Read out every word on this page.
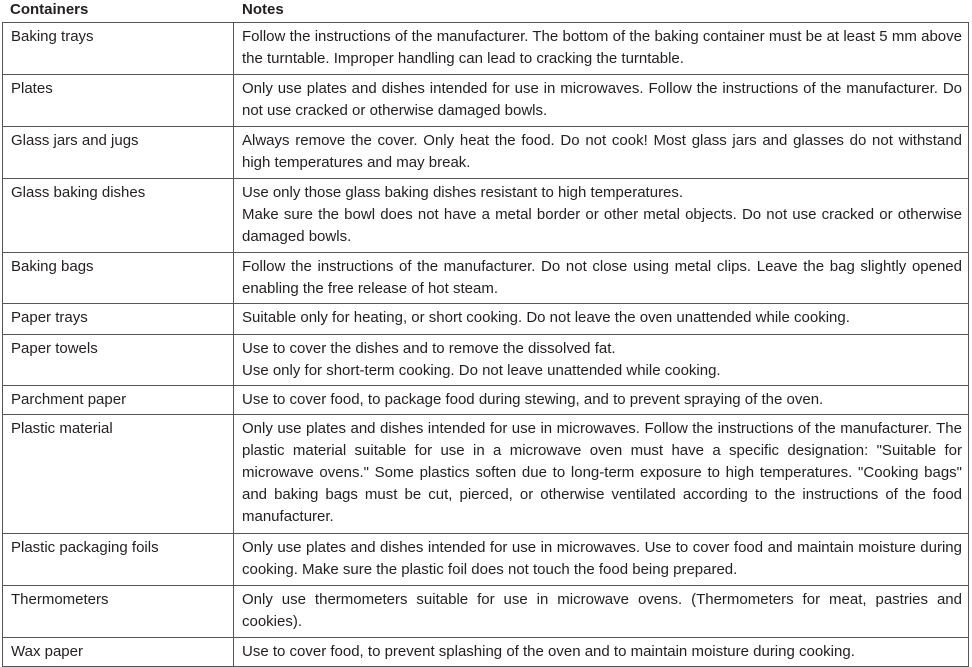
Containers	Notes
Baking trays	Follow the instructions of the manufacturer. The bottom of the baking container must be at least 5 mm above the turntable. Improper handling can lead to cracking the turntable.

Plates	Only use plates and dishes intended for use in microwaves. Follow the instructions of the manufacturer. Do not use cracked or otherwise damaged bowls.

Glass jars and jugs	Always remove the cover. Only heat the food. Do not cook! Most glass jars and glasses do not withstand high temperatures and may break.

Glass baking dishes	Use only those glass baking dishes resistant to high temperatures.
Make sure the bowl does not have a metal border or other metal objects. Do not use cracked or otherwise damaged bowls.

Baking bags	Follow the instructions of the manufacturer. Do not close using metal clips. Leave the bag slightly opened enabling the free release of hot steam.

Paper trays	Suitable only for heating, or short cooking. Do not leave the oven unattended while cooking.

Paper towels	Use to cover the dishes and to remove the dissolved fat.
Use only for short-term cooking. Do not leave unattended while cooking.

Parchment paper	Use to cover food, to package food during stewing, and to prevent spraying of the oven.

Plastic material	Only use plates and dishes intended for use in microwaves. Follow the instructions of the manufacturer. The plastic material suitable for use in a microwave oven must have a specific designation: "Suitable for microwave ovens." Some plastics soften due to long-term exposure to high temperatures. "Cooking bags" and baking bags must be cut, pierced, or otherwise ventilated according to the instructions of the food manufacturer.

Plastic packaging foils	Only use plates and dishes intended for use in microwaves. Use to cover food and maintain moisture during cooking. Make sure the plastic foil does not touch the food being prepared.

Thermometers	Only use thermometers suitable for use in microwave ovens. (Thermometers for meat, pastries and cookies).

Wax paper	Use to cover food, to prevent splashing of the oven and to maintain moisture during cooking.
